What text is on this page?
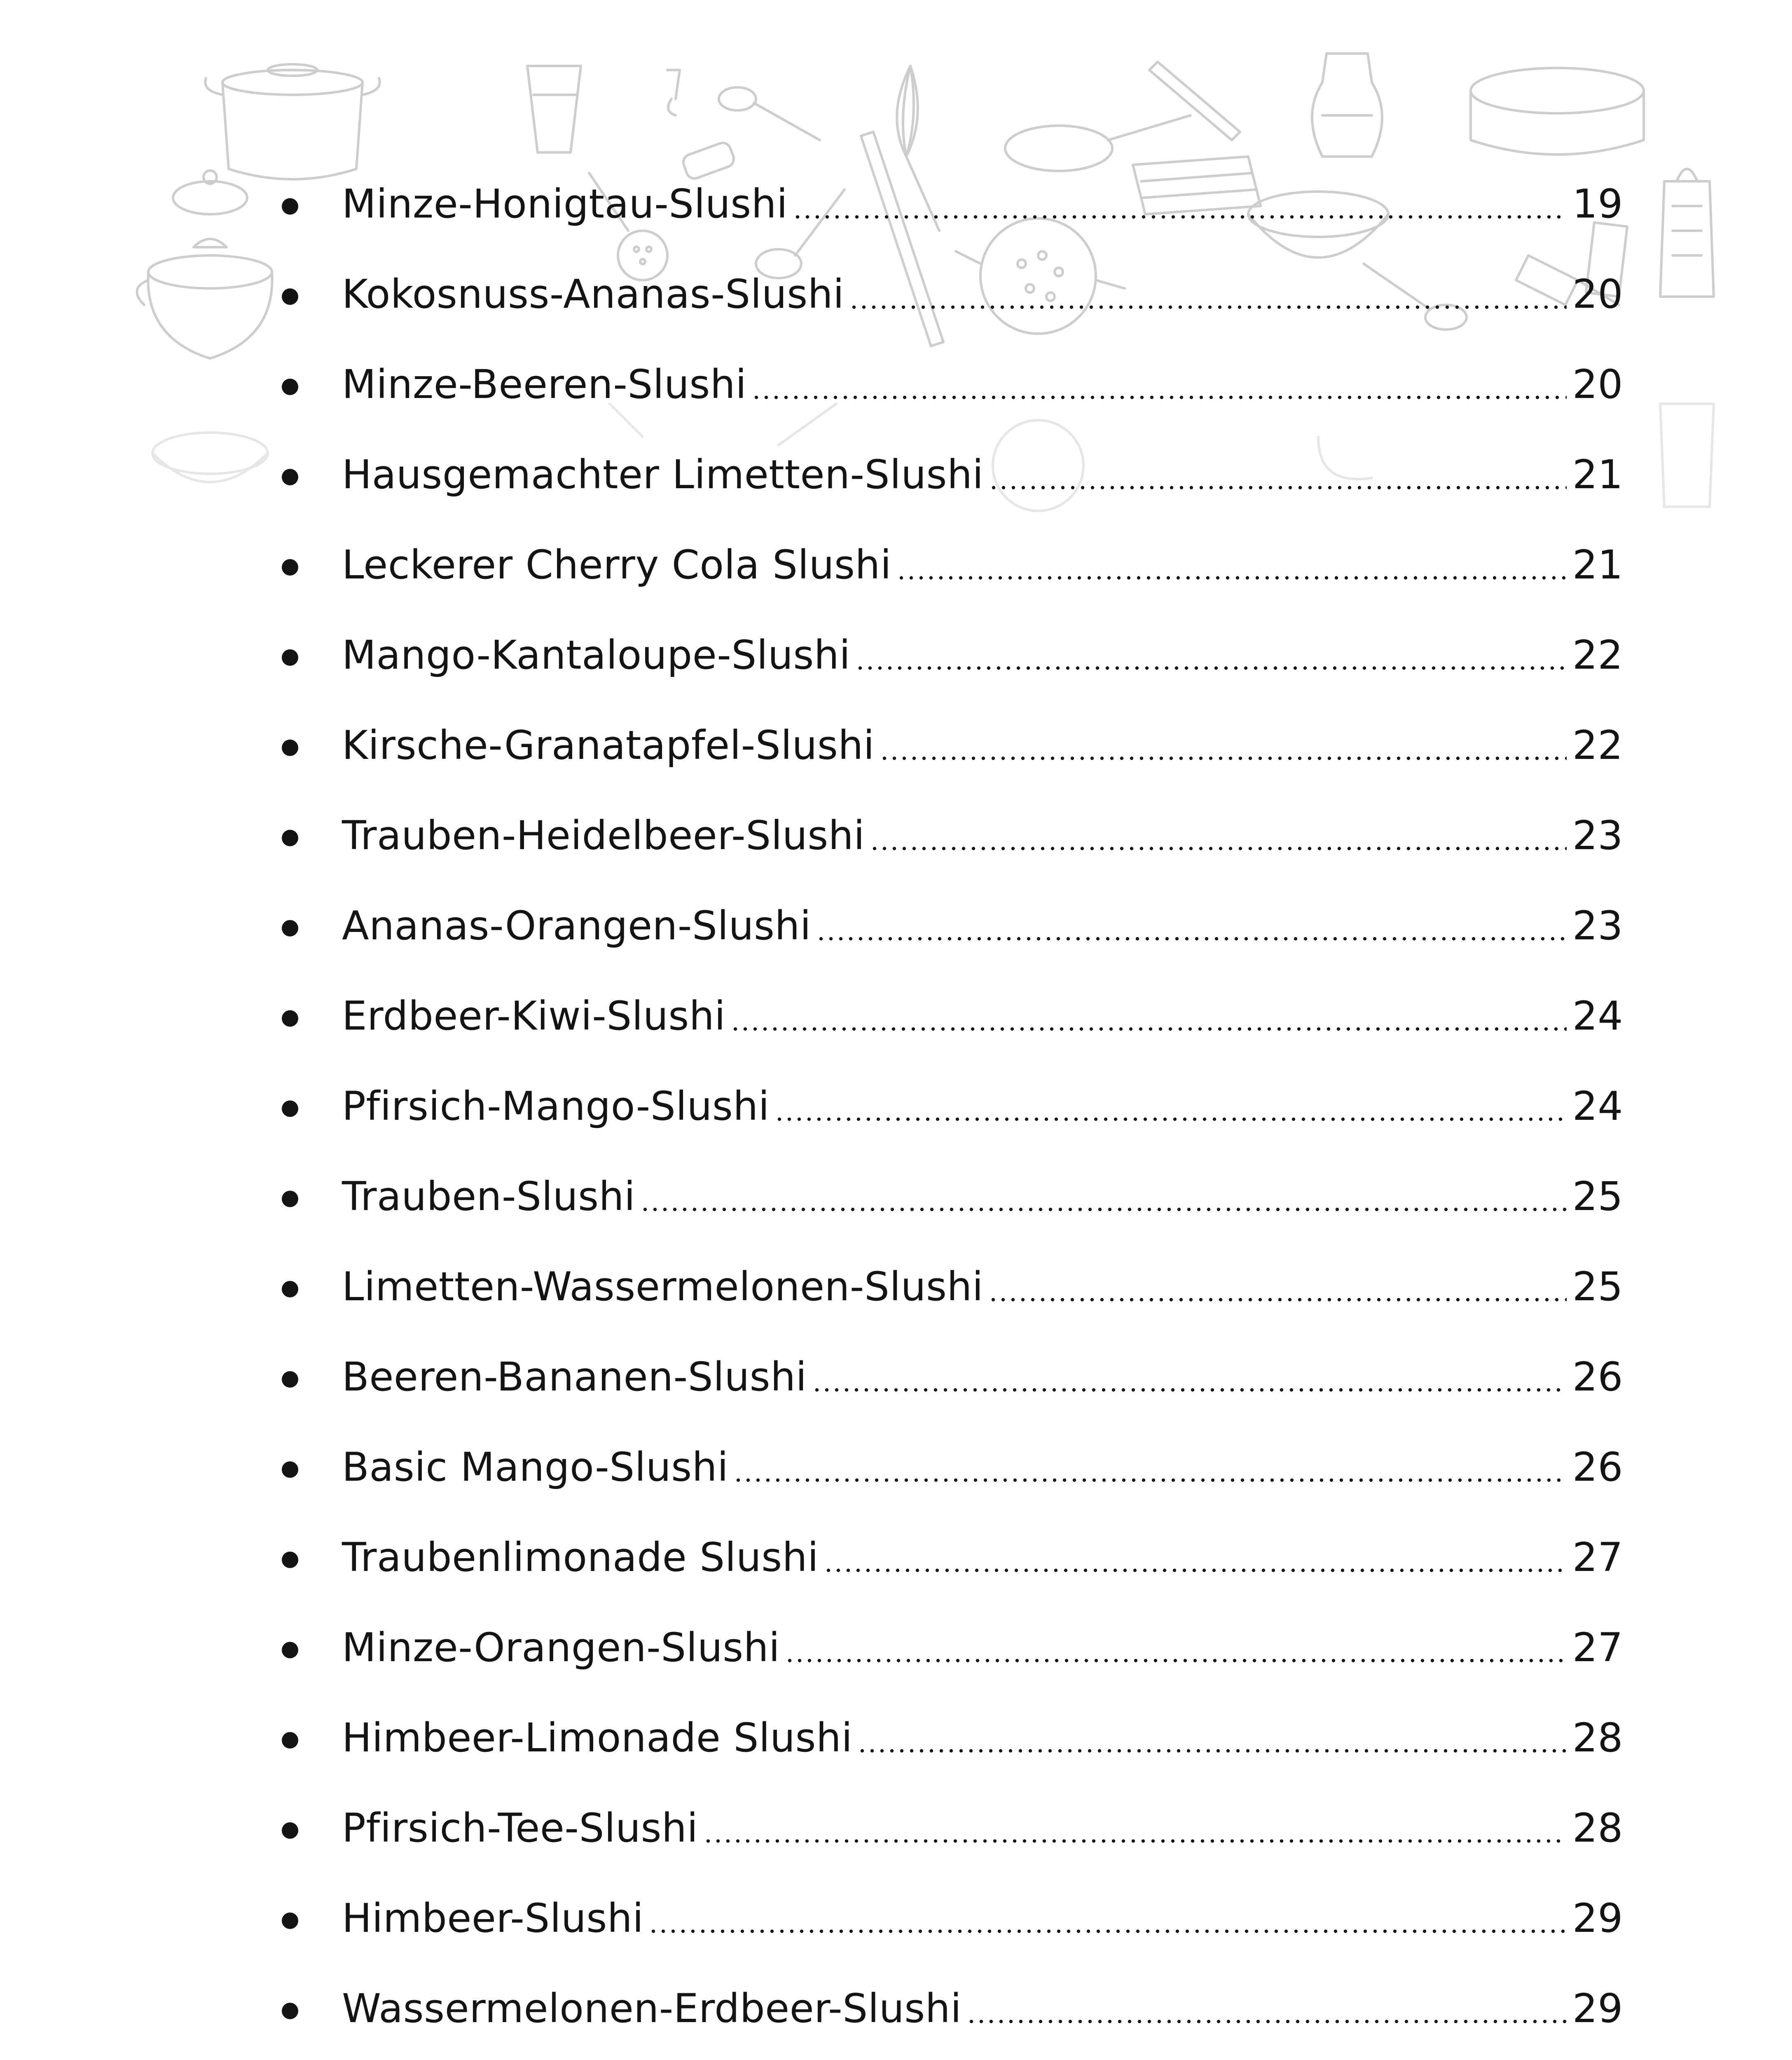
Minze-Honigtau-Slushi	19
Kokosnuss-Ananas-Slushi	20
Minze-Beeren-Slushi	20
Hausgemachter Limetten-Slushi	21
Leckerer Cherry Cola Slushi	21
Mango-Kantaloupe-Slushi	22
Kirsche-Granatapfel-Slushi	22
Trauben-Heidelbeer-Slushi	23
Ananas-Orangen-Slushi	23
Erdbeer-Kiwi-Slushi	24
Pfirsich-Mango-Slushi	24
Trauben-Slushi	25
Limetten-Wassermelonen-Slushi	25
Beeren-Bananen-Slushi	26
Basic Mango-Slushi	26
Traubenlimonade Slushi	27
Minze-Orangen-Slushi	27
Himbeer-Limonade Slushi	28
Pfirsich-Tee-Slushi	28
Himbeer-Slushi	29
Wassermelonen-Erdbeer-Slushi	29
